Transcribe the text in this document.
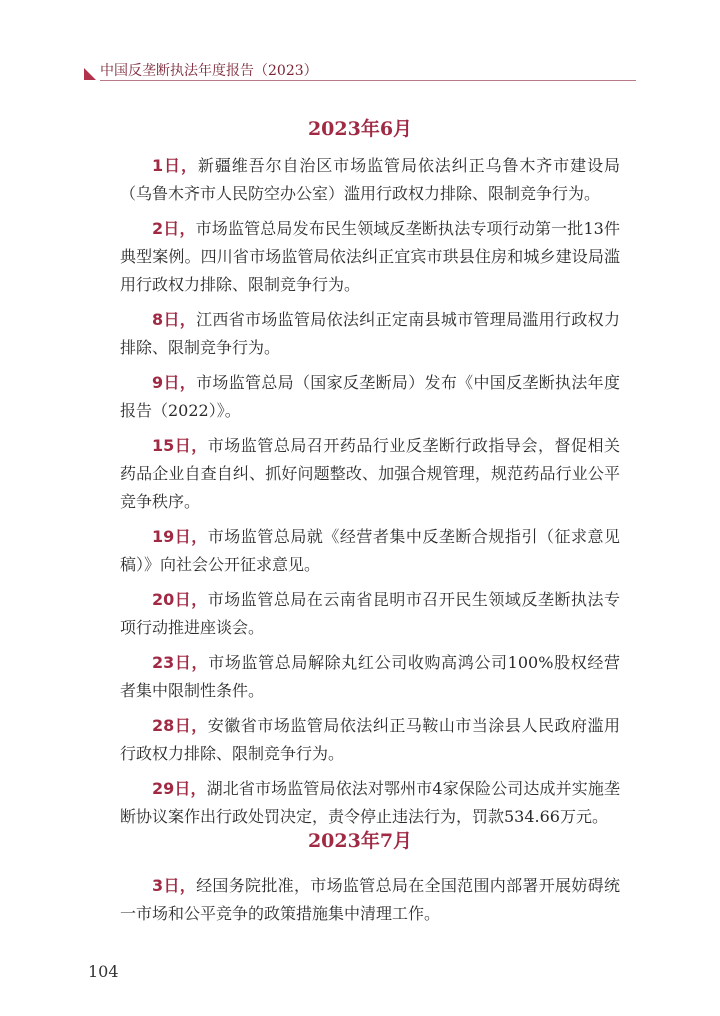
中国反垄断执法年度报告（2023）
2023年6月

1日，新疆维吾尔自治区市场监管局依法纠正乌鲁木齐市建设局（乌鲁木齐市人民防空办公室）滥用行政权力排除、限制竞争行为。

2日，市场监管总局发布民生领域反垄断执法专项行动第一批13件典型案例。四川省市场监管局依法纠正宜宾市珙县住房和城乡建设局滥用行政权力排除、限制竞争行为。

8日，江西省市场监管局依法纠正定南县城市管理局滥用行政权力排除、限制竞争行为。

9日，市场监管总局（国家反垄断局）发布《中国反垄断执法年度报告（2022）》。

15日，市场监管总局召开药品行业反垄断行政指导会，督促相关药品企业自查自纠、抓好问题整改、加强合规管理，规范药品行业公平竞争秩序。

19日，市场监管总局就《经营者集中反垄断合规指引（征求意见稿）》向社会公开征求意见。

20日，市场监管总局在云南省昆明市召开民生领域反垄断执法专项行动推进座谈会。

23日，市场监管总局解除丸红公司收购高鸿公司100%股权经营者集中限制性条件。

28日，安徽省市场监管局依法纠正马鞍山市当涂县人民政府滥用行政权力排除、限制竞争行为。

29日，湖北省市场监管局依法对鄂州市4家保险公司达成并实施垄断协议案作出行政处罚决定，责令停止违法行为，罚款534.66万元。

2023年7月

3日，经国务院批准，市场监管总局在全国范围内部署开展妨碍统一市场和公平竞争的政策措施集中清理工作。

104
